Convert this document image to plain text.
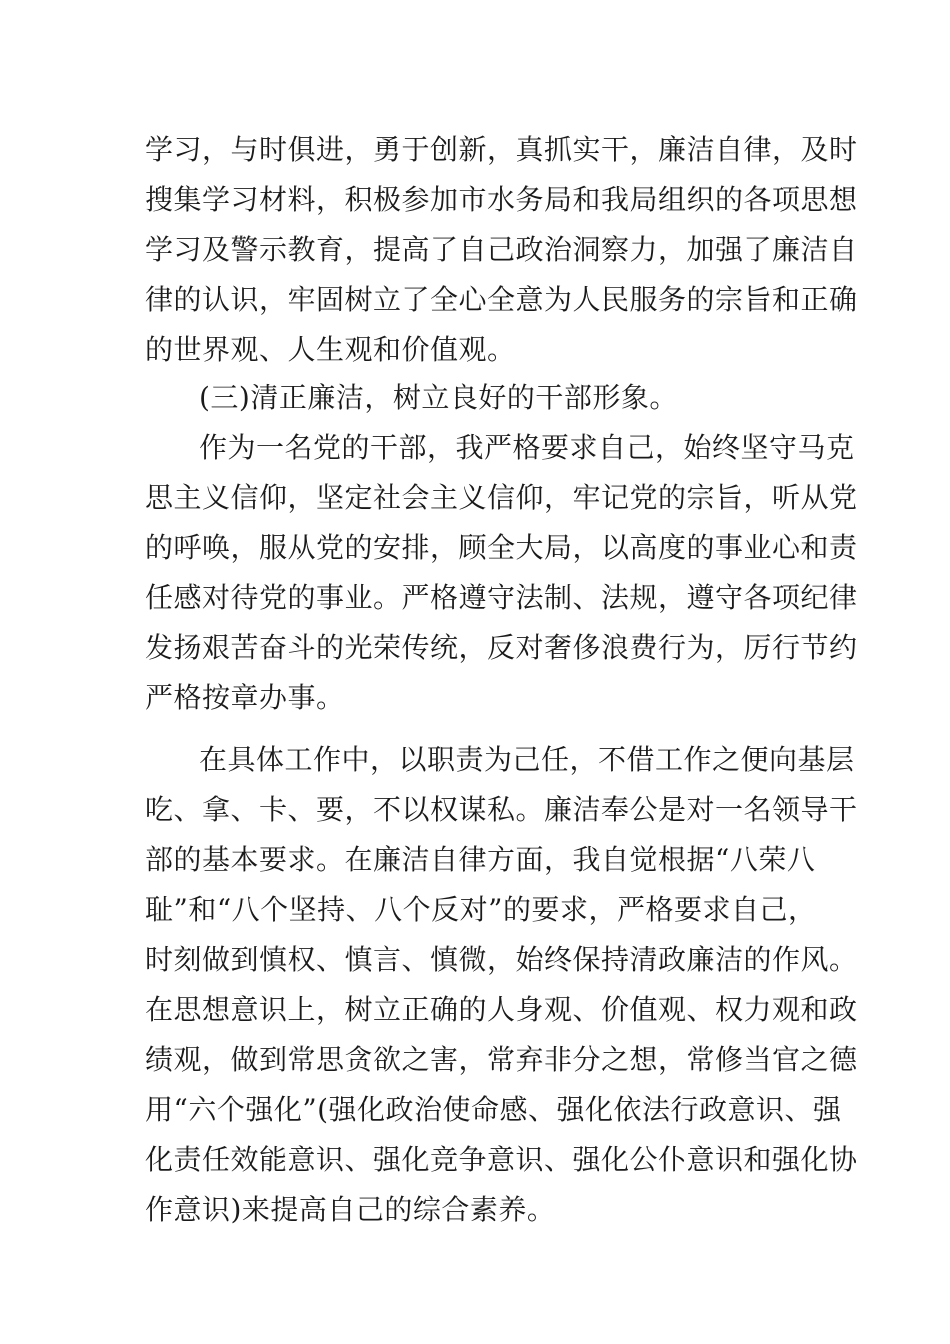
学习，与时俱进，勇于创新，真抓实干，廉洁自律，及时
搜集学习材料，积极参加市水务局和我局组织的各项思想
学习及警示教育，提高了自己政治洞察力，加强了廉洁自
律的认识，牢固树立了全心全意为人民服务的宗旨和正确
的世界观、人生观和价值观。
(三)清正廉洁，树立良好的干部形象。
作为一名党的干部，我严格要求自己，始终坚守马克
思主义信仰，坚定社会主义信仰，牢记党的宗旨，听从党
的呼唤，服从党的安排，顾全大局，以高度的事业心和责
任感对待党的事业。严格遵守法制、法规，遵守各项纪律
发扬艰苦奋斗的光荣传统，反对奢侈浪费行为，厉行节约
严格按章办事。
在具体工作中，以职责为己任，不借工作之便向基层
吃、拿、卡、要，不以权谋私。廉洁奉公是对一名领导干
部的基本要求。在廉洁自律方面，我自觉根据“八荣八
耻”和“八个坚持、八个反对”的要求，严格要求自己，
时刻做到慎权、慎言、慎微，始终保持清政廉洁的作风。
在思想意识上，树立正确的人身观、价值观、权力观和政
绩观，做到常思贪欲之害，常弃非分之想，常修当官之德
用“六个强化”(强化政治使命感、强化依法行政意识、强
化责任效能意识、强化竞争意识、强化公仆意识和强化协
作意识)来提高自己的综合素养。
